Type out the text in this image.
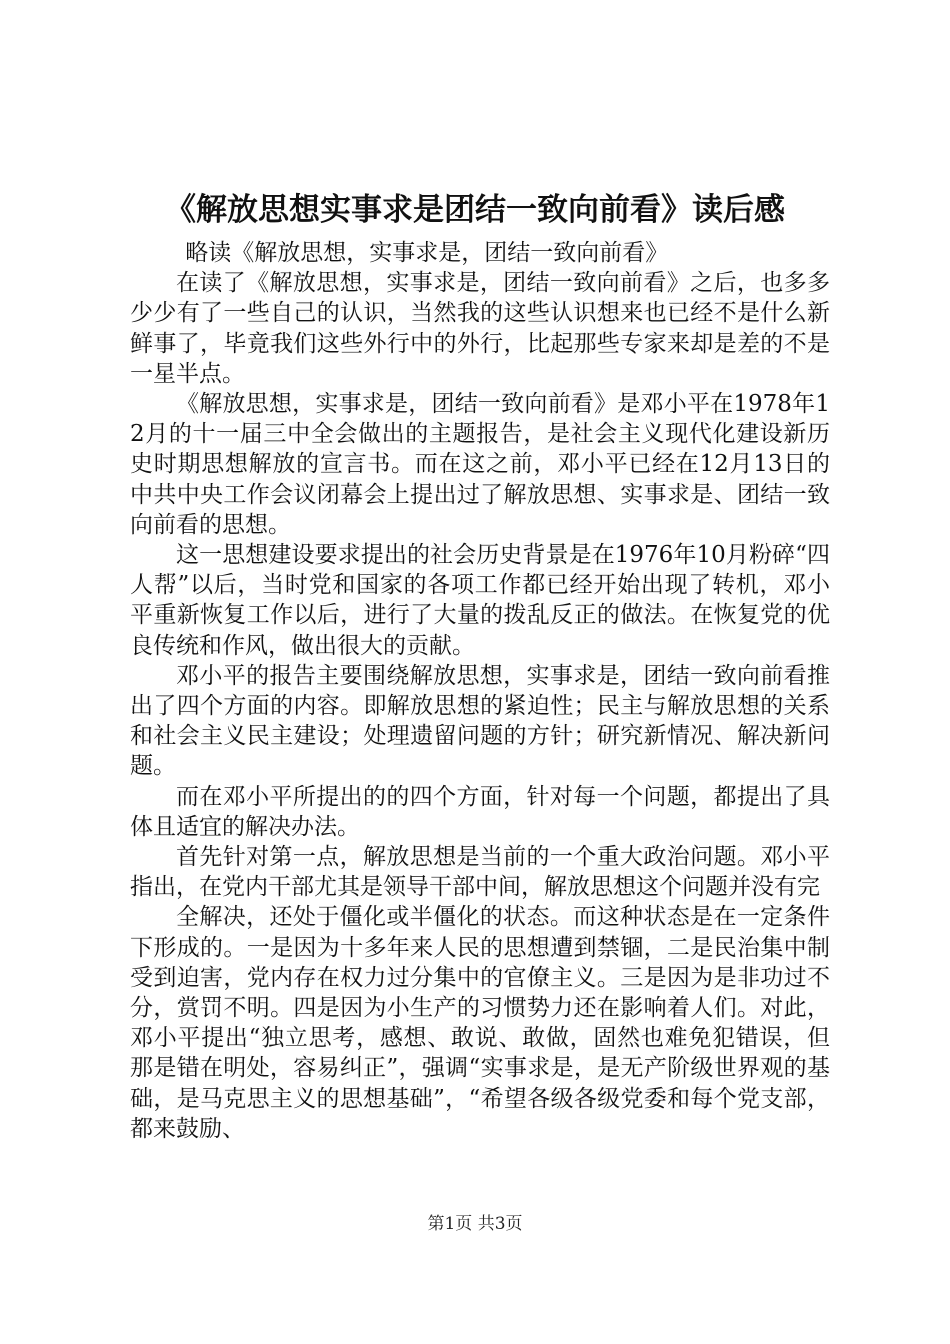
《解放思想实事求是团结一致向前看》读后感

略读《解放思想，实事求是，团结一致向前看》

在读了《解放思想，实事求是，团结一致向前看》之后，也多多少少有了一些自己的认识，当然我的这些认识想来也已经不是什么新鲜事了，毕竟我们这些外行中的外行，比起那些专家来却是差的不是一星半点。

《解放思想，实事求是，团结一致向前看》是邓小平在1978年12月的十一届三中全会做出的主题报告，是社会主义现代化建设新历史时期思想解放的宣言书。而在这之前，邓小平已经在12月13日的中共中央工作会议闭幕会上提出过了解放思想、实事求是、团结一致向前看的思想。

这一思想建设要求提出的社会历史背景是在1976年10月粉碎“四人帮”以后，当时党和国家的各项工作都已经开始出现了转机，邓小平重新恢复工作以后，进行了大量的拨乱反正的做法。在恢复党的优良传统和作风，做出很大的贡献。

邓小平的报告主要围绕解放思想，实事求是，团结一致向前看推出了四个方面的内容。即解放思想的紧迫性；民主与解放思想的关系和社会主义民主建设；处理遗留问题的方针；研究新情况、解决新问题。

而在邓小平所提出的的四个方面，针对每一个问题，都提出了具体且适宜的解决办法。

首先针对第一点，解放思想是当前的一个重大政治问题。邓小平指出，在党内干部尤其是领导干部中间，解放思想这个问题并没有完

全解决，还处于僵化或半僵化的状态。而这种状态是在一定条件下形成的。一是因为十多年来人民的思想遭到禁锢，二是民治集中制受到迫害，党内存在权力过分集中的官僚主义。三是因为是非功过不分，赏罚不明。四是因为小生产的习惯势力还在影响着人们。对此，邓小平提出“独立思考，感想、敢说、敢做，固然也难免犯错误，但那是错在明处，容易纠正”，强调“实事求是，是无产阶级世界观的基础，是马克思主义的思想基础”，“希望各级各级党委和每个党支部，都来鼓励、

第1页 共3页
